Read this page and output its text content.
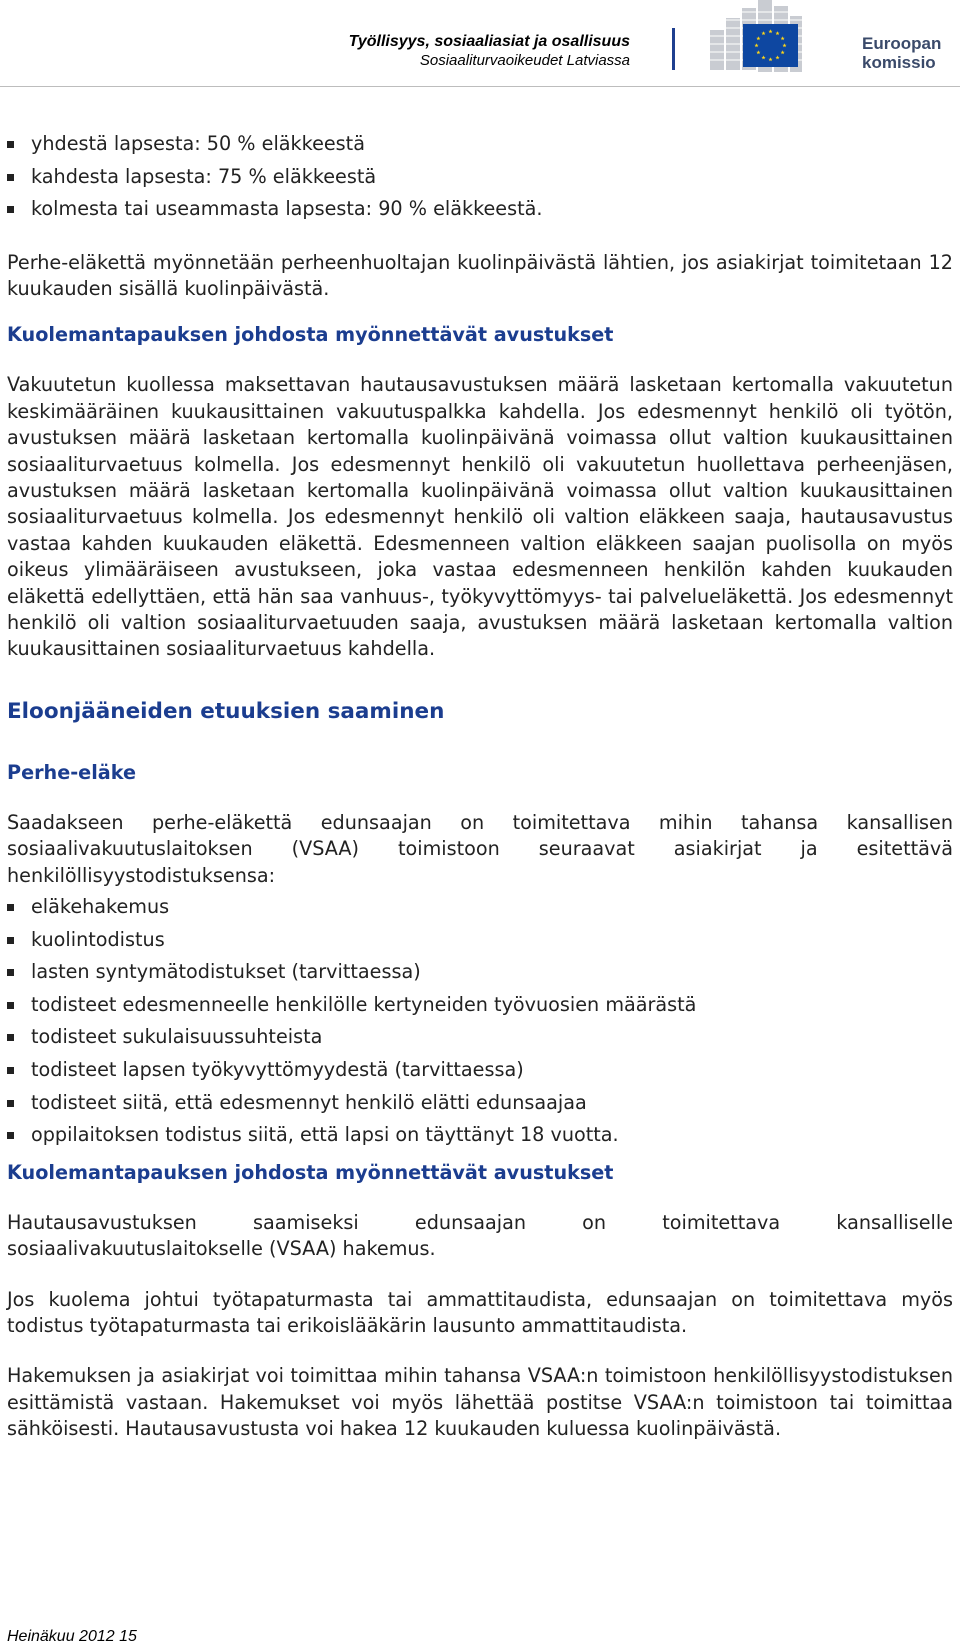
Työllisyys, sosiaaliasiat ja osallisuus
Sosiaaliturvaoikeudet Latviassa
Euroopan
komissio
yhdestä lapsesta: 50 % eläkkeestä
kahdesta lapsesta: 75 % eläkkeestä
kolmesta tai useammasta lapsesta: 90 % eläkkeestä.

Perhe-eläkettä myönnetään perheenhuoltajan kuolinpäivästä lähtien, jos asiakirjat toimitetaan 12 kuukauden sisällä kuolinpäivästä.

Kuolemantapauksen johdosta myönnettävät avustukset

Vakuutetun kuollessa maksettavan hautausavustuksen määrä lasketaan kertomalla vakuutetun keskimääräinen kuukausittainen vakuutuspalkka kahdella. Jos edesmennyt henkilö oli työtön, avustuksen määrä lasketaan kertomalla kuolinpäivänä voimassa ollut valtion kuukausittainen sosiaaliturvaetuus kolmella. Jos edesmennyt henkilö oli vakuutetun huollettava perheenjäsen, avustuksen määrä lasketaan kertomalla kuolinpäivänä voimassa ollut valtion kuukausittainen sosiaaliturvaetuus kolmella. Jos edesmennyt henkilö oli valtion eläkkeen saaja, hautausavustus vastaa kahden kuukauden eläkettä. Edesmenneen valtion eläkkeen saajan puolisolla on myös oikeus ylimääräiseen avustukseen, joka vastaa edesmenneen henkilön kahden kuukauden eläkettä edellyttäen, että hän saa vanhuus-, työkyvyttömyys- tai palveluеläkettä. Jos edesmennyt henkilö oli valtion sosiaaliturvaetuuden saaja, avustuksen määrä lasketaan kertomalla valtion kuukausittainen sosiaaliturvaetuus kahdella.

Eloonjääneiden etuuksien saaminen
Perhe-eläke

Saadakseen perhe-eläkettä edunsaajan on toimitettava mihin tahansa kansallisen sosiaalivakuutuslaitoksen (VSAA) toimistoon seuraavat asiakirjat ja esitettävä henkilöllisyystodistuksensa:

eläkehakemus
kuolintodistus
lasten syntymätodistukset (tarvittaessa)
todisteet edesmenneelle henkilölle kertyneiden työvuosien määrästä
todisteet sukulaisuussuhteista
todisteet lapsen työkyvyttömyydestä (tarvittaessa)
todisteet siitä, että edesmennyt henkilö elätti edunsaajaa
oppilaitoksen todistus siitä, että lapsi on täyttänyt 18 vuotta.
Kuolemantapauksen johdosta myönnettävät avustukset

Hautausavustuksen saamiseksi edunsaajan on toimitettava kansalliselle sosiaalivakuutuslaitokselle (VSAA) hakemus.

Jos kuolema johtui työtapaturmasta tai ammattitaudista, edunsaajan on toimitettava myös todistus työtapaturmasta tai erikoislääkärin lausunto ammattitaudista.

Hakemuksen ja asiakirjat voi toimittaa mihin tahansa VSAA:n toimistoon henkilöllisyystodistuksen esittämistä vastaan. Hakemukset voi myös lähettää postitse VSAA:n toimistoon tai toimittaa sähköisesti. Hautausavustusta voi hakea 12 kuukauden kuluessa kuolinpäivästä.

Heinäkuu 2012 15
